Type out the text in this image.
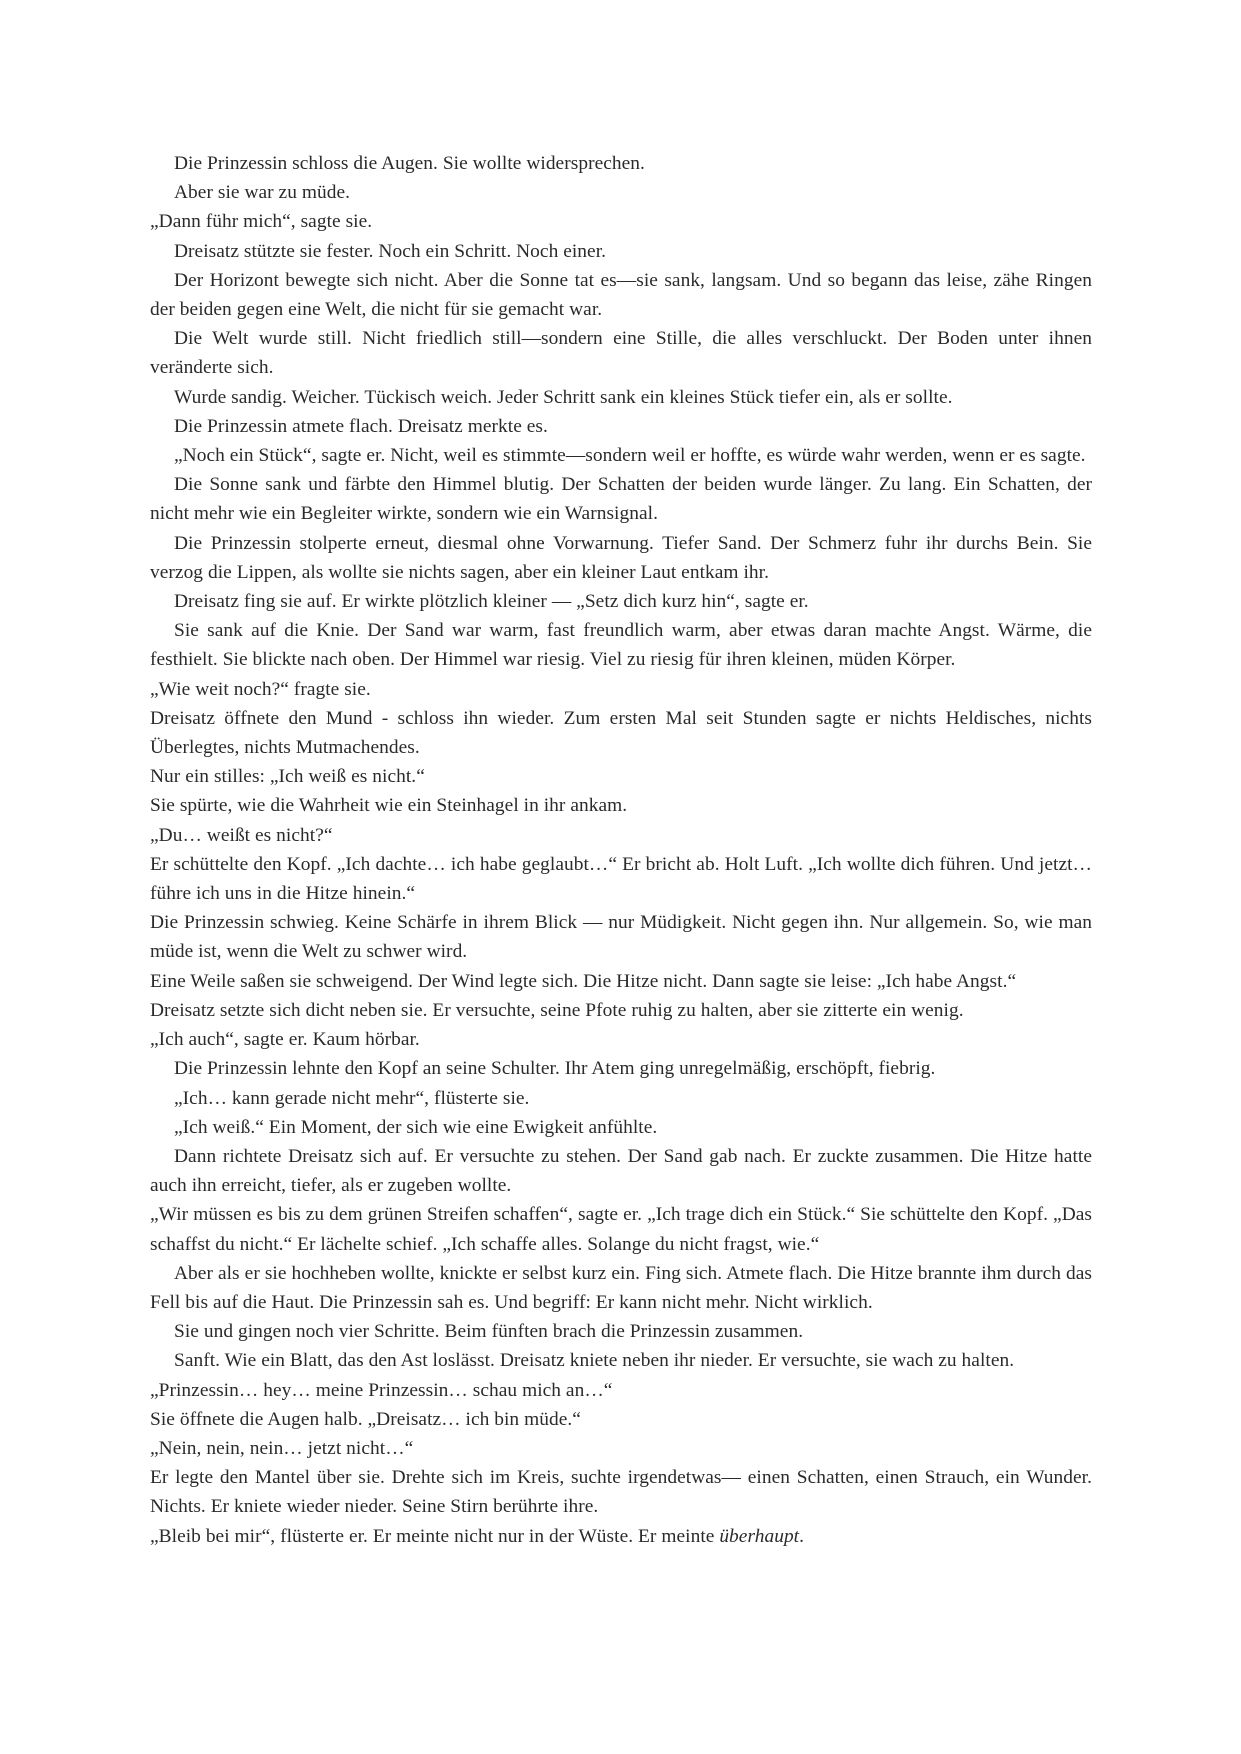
Die Prinzessin schloss die Augen. Sie wollte widersprechen.

Aber sie war zu müde.

„Dann führ mich“, sagte sie.

Dreisatz stützte sie fester. Noch ein Schritt. Noch einer.

Der Horizont bewegte sich nicht. Aber die Sonne tat es—sie sank, langsam. Und so begann das leise, zähe Ringen der beiden gegen eine Welt, die nicht für sie gemacht war.

Die Welt wurde still. Nicht friedlich still—sondern eine Stille, die alles verschluckt. Der Boden unter ihnen veränderte sich.

Wurde sandig. Weicher. Tückisch weich. Jeder Schritt sank ein kleines Stück tiefer ein, als er sollte.

Die Prinzessin atmete flach. Dreisatz merkte es.

„Noch ein Stück“, sagte er. Nicht, weil es stimmte—sondern weil er hoffte, es würde wahr werden, wenn er es sagte.

Die Sonne sank und färbte den Himmel blutig. Der Schatten der beiden wurde länger. Zu lang. Ein Schatten, der nicht mehr wie ein Begleiter wirkte, sondern wie ein Warnsignal.

Die Prinzessin stolperte erneut, diesmal ohne Vorwarnung. Tiefer Sand. Der Schmerz fuhr ihr durchs Bein. Sie verzog die Lippen, als wollte sie nichts sagen, aber ein kleiner Laut entkam ihr.

Dreisatz fing sie auf. Er wirkte plötzlich kleiner — „Setz dich kurz hin“, sagte er.

Sie sank auf die Knie. Der Sand war warm, fast freundlich warm, aber etwas daran machte Angst. Wärme, die festhielt. Sie blickte nach oben. Der Himmel war riesig. Viel zu riesig für ihren kleinen, müden Körper.

„Wie weit noch?“ fragte sie.

Dreisatz öffnete den Mund - schloss ihn wieder. Zum ersten Mal seit Stunden sagte er nichts Heldisches, nichts Überlegtes, nichts Mutmachendes.

Nur ein stilles: „Ich weiß es nicht.“

Sie spürte, wie die Wahrheit wie ein Steinhagel in ihr ankam.

„Du… weißt es nicht?“

Er schüttelte den Kopf. „Ich dachte… ich habe geglaubt…“ Er bricht ab. Holt Luft. „Ich wollte dich führen. Und jetzt… führe ich uns in die Hitze hinein.“

Die Prinzessin schwieg. Keine Schärfe in ihrem Blick — nur Müdigkeit. Nicht gegen ihn. Nur allgemein. So, wie man müde ist, wenn die Welt zu schwer wird.

Eine Weile saßen sie schweigend. Der Wind legte sich. Die Hitze nicht. Dann sagte sie leise: „Ich habe Angst.“

Dreisatz setzte sich dicht neben sie. Er versuchte, seine Pfote ruhig zu halten, aber sie zitterte ein wenig.

„Ich auch“, sagte er. Kaum hörbar.

Die Prinzessin lehnte den Kopf an seine Schulter. Ihr Atem ging unregelmäßig, erschöpft, fiebrig.

„Ich… kann gerade nicht mehr“, flüsterte sie.

„Ich weiß.“ Ein Moment, der sich wie eine Ewigkeit anfühlte.

Dann richtete Dreisatz sich auf. Er versuchte zu stehen. Der Sand gab nach. Er zuckte zusammen. Die Hitze hatte auch ihn erreicht, tiefer, als er zugeben wollte.

„Wir müssen es bis zu dem grünen Streifen schaffen“, sagte er. „Ich trage dich ein Stück.“ Sie schüttelte den Kopf. „Das schaffst du nicht.“ Er lächelte schief. „Ich schaffe alles. Solange du nicht fragst, wie.“

Aber als er sie hochheben wollte, knickte er selbst kurz ein. Fing sich. Atmete flach. Die Hitze brannte ihm durch das Fell bis auf die Haut. Die Prinzessin sah es. Und begriff: Er kann nicht mehr. Nicht wirklich.

Sie und gingen noch vier Schritte. Beim fünften brach die Prinzessin zusammen.

Sanft. Wie ein Blatt, das den Ast loslässt. Dreisatz kniete neben ihr nieder. Er versuchte, sie wach zu halten.

„Prinzessin… hey… meine Prinzessin… schau mich an…“

Sie öffnete die Augen halb. „Dreisatz… ich bin müde.“

„Nein, nein, nein… jetzt nicht…“

Er legte den Mantel über sie. Drehte sich im Kreis, suchte irgendetwas— einen Schatten, einen Strauch, ein Wunder. Nichts. Er kniete wieder nieder. Seine Stirn berührte ihre.

„Bleib bei mir“, flüsterte er. Er meinte nicht nur in der Wüste. Er meinte überhaupt.
